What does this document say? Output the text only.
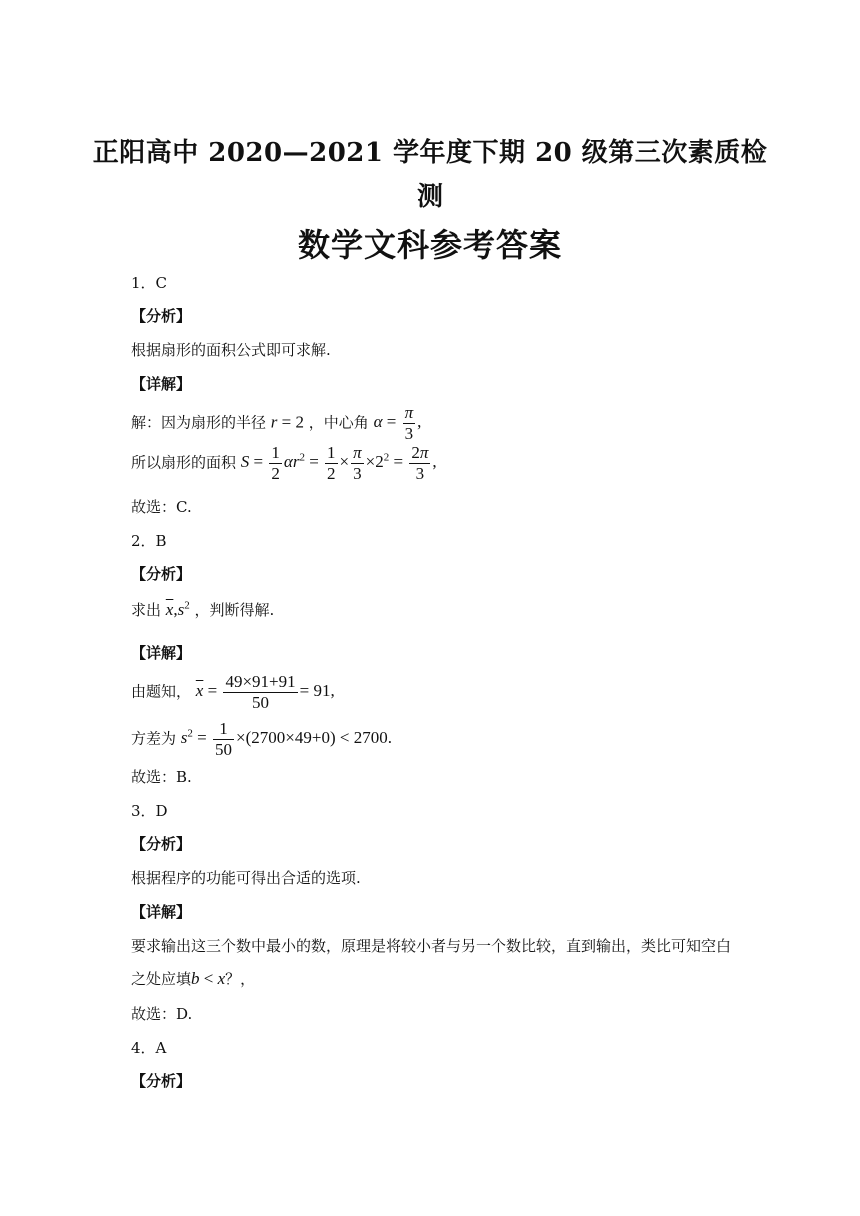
正阳高中 2020—2021 学年度下期 20 级第三次素质检
测
数学文科参考答案
1．C
【分析】
根据扇形的面积公式即可求解.
【详解】
解：因为扇形的半径 r = 2 ，中心角 $\alpha = \frac{\pi}{3}$ ,
所以扇形的面积 $S = \frac{1}{2} \alpha r^2 = \frac{1}{2} \times \frac{\pi}{3} \times 2^2 = \frac{2\pi}{3}$ ,
故选：C.
2．B
【分析】
求出 $\overline{x},s^2$ ，判断得解.
【详解】
由题知， $\overline{x} = \frac{49\times 91+91}{50} = 91$,
方差为 $s^2 = \frac{1}{50} \times(2700\times 49+0) < 2700$.
故选：B.
3．D
【分析】
根据程序的功能可得出合适的选项.
【详解】
要求输出这三个数中最小的数，原理是将较小者与另一个数比较，直到输出，类比可知空白
之处应填b < x？，
故选：D.
4．A
【分析】
